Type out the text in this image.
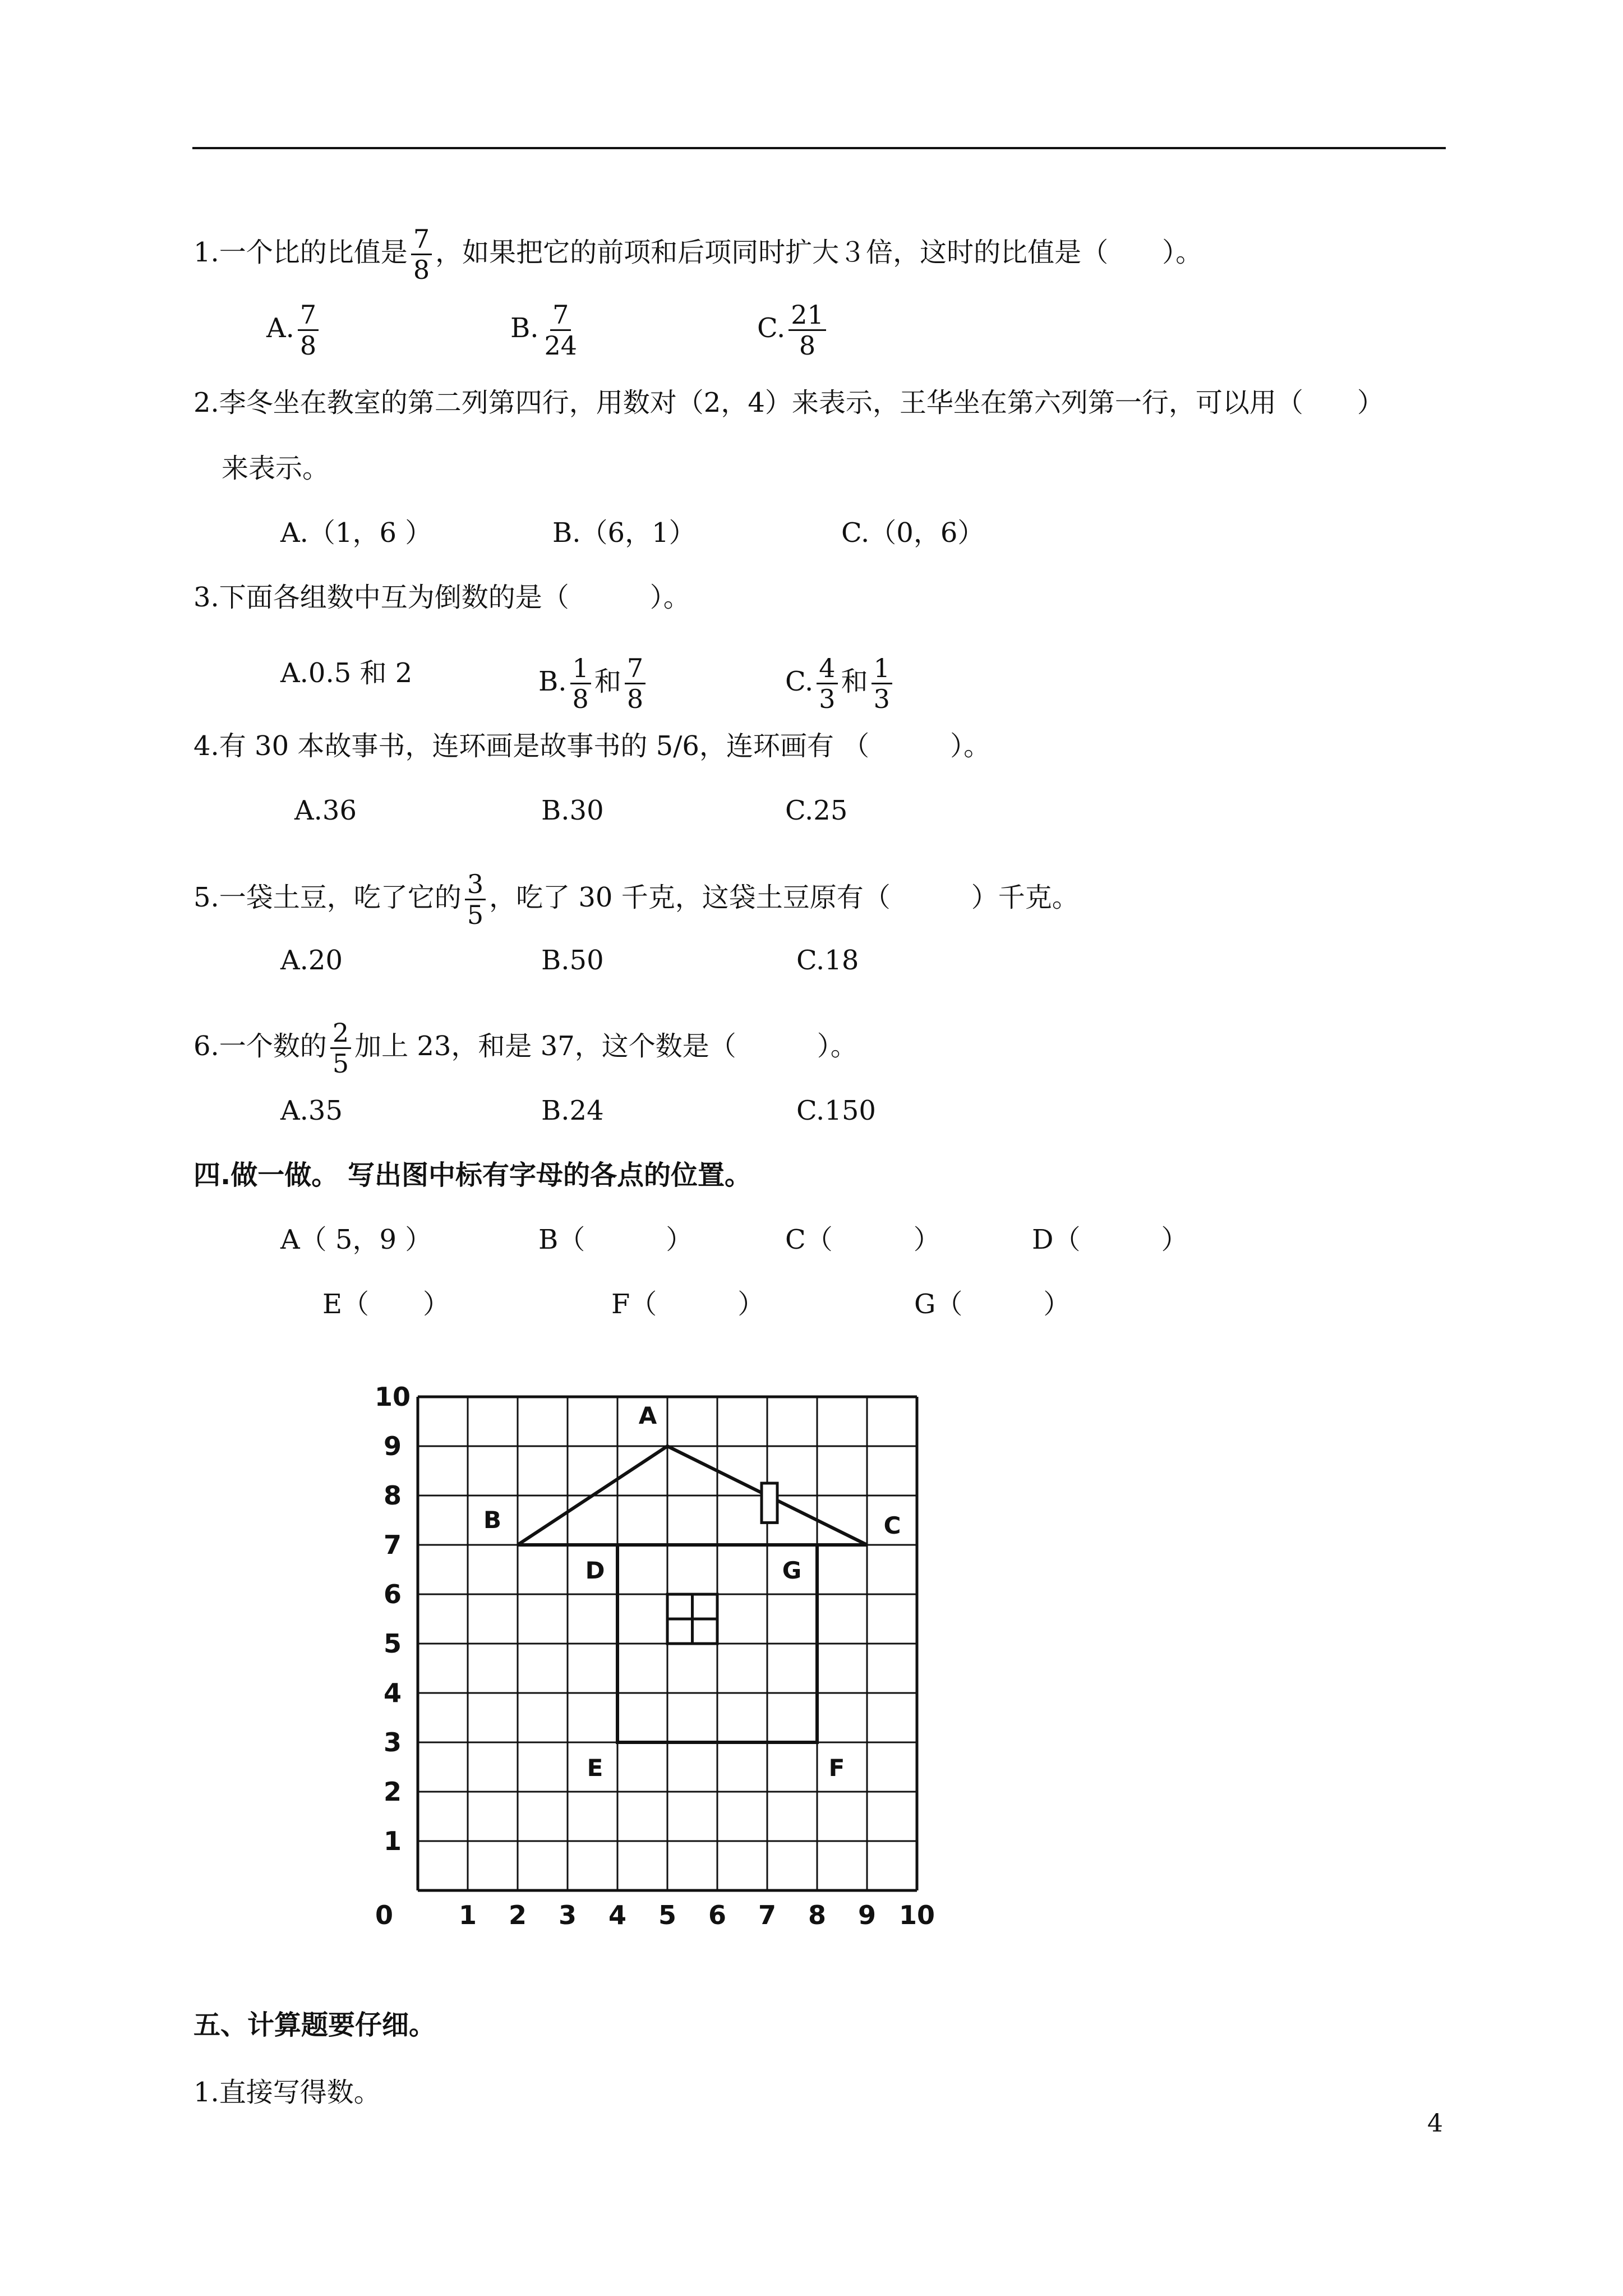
1.一个比的比值是 $\frac{7}{8}$ ，如果把它的前项和后项同时扩大３倍，这时的比值是（　　）。
A. $\frac{7}{8}$	B. $\frac{7}{24}$	C. $\frac{21}{8}$
2.李冬坐在教室的第二列第四行，用数对（2，4）来表示，王华坐在第六列第一行，可以用（　　）
来表示。
A.（1，6 ）	B.（6，1）	C.（0，6）
3.下面各组数中互为倒数的是（　　　）。
A.0.5 和 2	B. $\frac{1}{8}$ 和 $\frac{7}{8}$	C. $\frac{4}{3}$ 和 $\frac{1}{3}$
4.有 30 本故事书，连环画是故事书的 5/6，连环画有 （　　　）。
A.36	B.30	C.25
5.一袋土豆，吃了它的 $\frac{3}{5}$ ，吃了 30 千克，这袋土豆原有（　　　）千克。
A.20	B.50	C.18
6.一个数的 $\frac{2}{5}$ 加上 23，和是 37，这个数是（　　　）。
A.35	B.24	C.150
四.做一做。 写出图中标有字母的各点的位置。
A（ 5，9 ）	B（　　　）	C（　　　）	D（　　　）
E（　　）	F（　　　）	G（　　　）
0	1 2 3 4 5 6 7 8 9 10
1
2
3
4
5
6
7
8
9
10
A
B	C
D	G
E	F
五、计算题要仔细。
1.直接写得数。
4
